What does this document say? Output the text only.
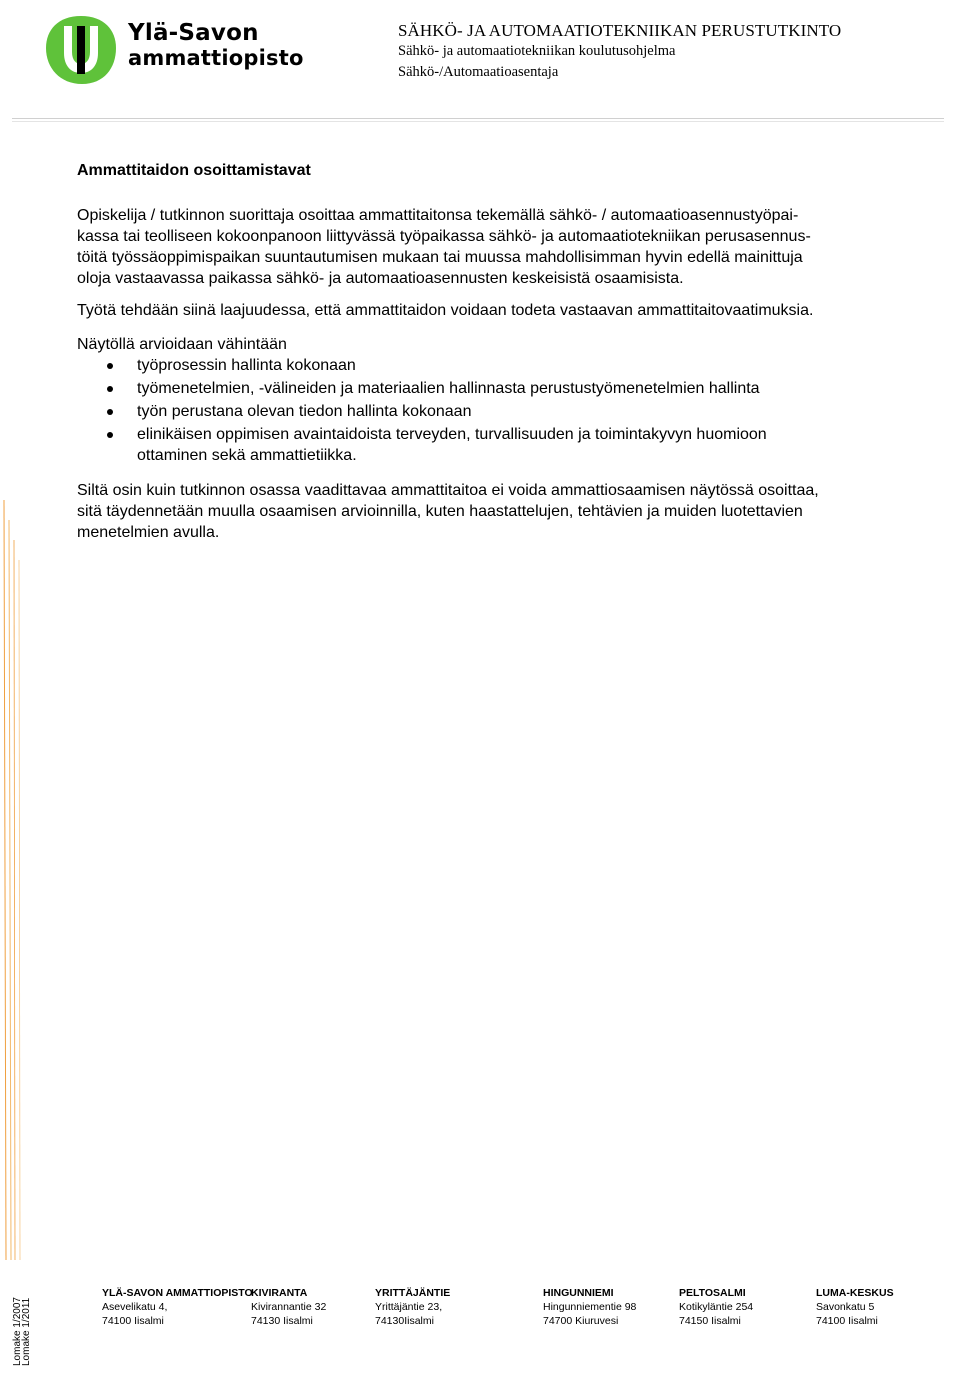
Ylä-Savon
ammattiopisto
SÄHKÖ- JA AUTOMAATIOTEKNIIKAN PERUSTUTKINTO
Sähkö- ja automaatiotekniikan koulutusohjelma
Sähkö-/Automaatioasentaja
Ammattitaidon osoittamistavat
Opiskelija / tutkinnon suorittaja osoittaa ammattitaitonsa tekemällä sähkö- / automaatioasennustyöpai-
kassa tai teolliseen kokoonpanoon liittyvässä työpaikassa sähkö- ja automaatiotekniikan perusasennus-
töitä työssäoppimispaikan suuntautumisen mukaan tai muussa mahdollisimman hyvin edellä mainittuja
oloja vastaavassa paikassa sähkö- ja automaatioasennusten keskeisistä osaamisista.
Työtä tehdään siinä laajuudessa, että ammattitaidon voidaan todeta vastaavan ammattitaitovaatimuksia.
Näytöllä arvioidaan vähintään
työprosessin hallinta kokonaan
työmenetelmien, -välineiden ja materiaalien hallinnasta perustustyömenetelmien hallinta
työn perustana olevan tiedon hallinta kokonaan
elinikäisen oppimisen avaintaidoista terveyden, turvallisuuden ja toimintakyvyn huomioon
ottaminen sekä ammattietiikka.
Siltä osin kuin tutkinnon osassa vaadittavaa ammattitaitoa ei voida ammattiosaamisen näytössä osoittaa,
sitä täydennetään muulla osaamisen arvioinnilla, kuten haastattelujen, tehtävien ja muiden luotettavien
menetelmien avulla.
Lomake 1/2007
Lomake 1/2011
YLÄ-SAVON AMMATTIOPISTO
Asevelikatu 4,
74100 Iisalmi
KIVIRANTA
Kivirannantie 32
74130 Iisalmi
YRITTÄJÄNTIE
Yrittäjäntie 23,
74130Iisalmi
HINGUNNIEMI
Hingunniementie 98
74700 Kiuruvesi
PELTOSALMI
Kotikyläntie 254
74150 Iisalmi
LUMA-KESKUS
Savonkatu 5
74100 Iisalmi
